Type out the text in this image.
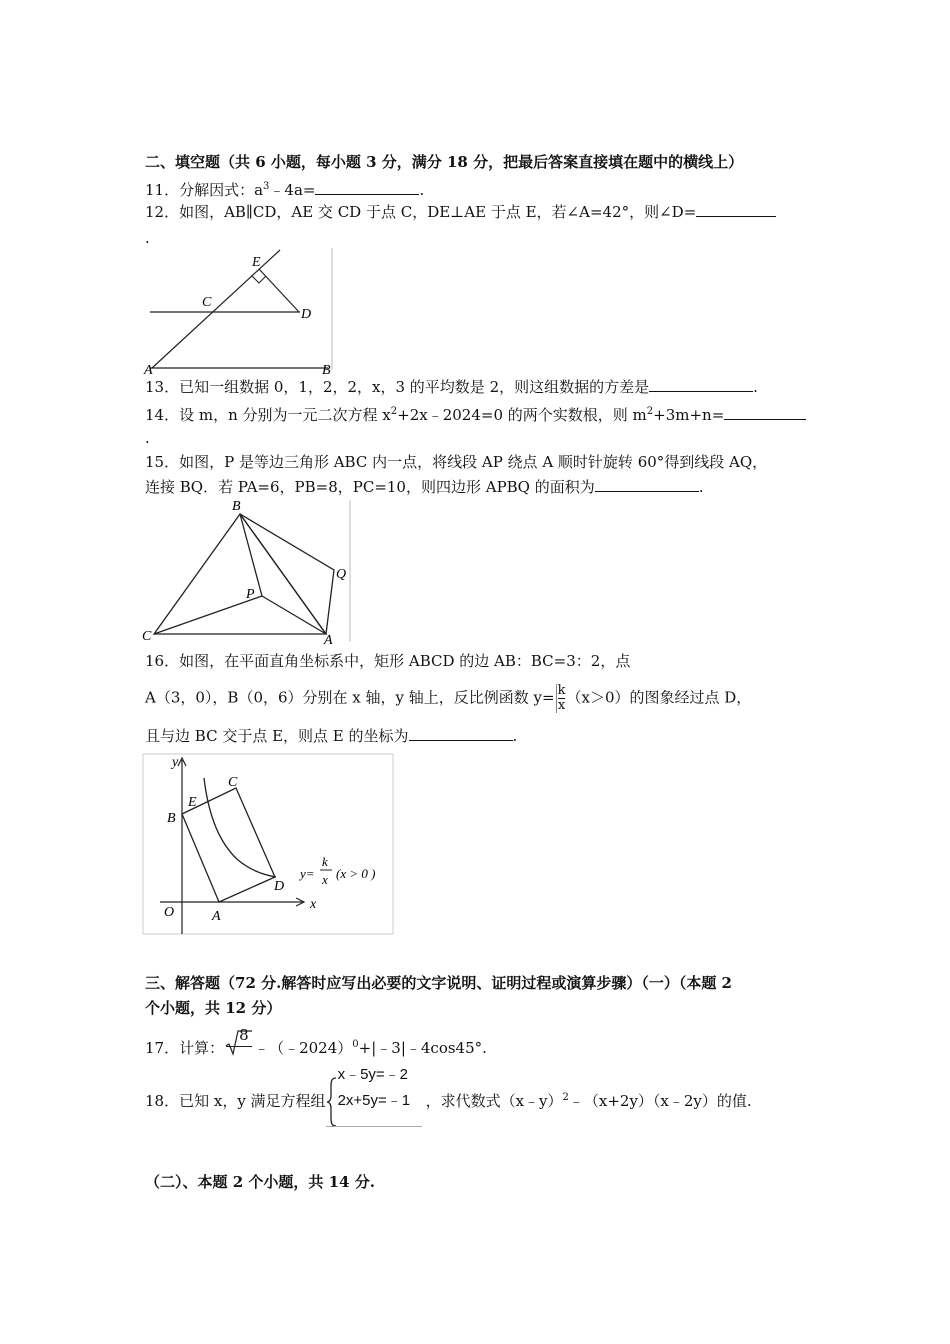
二、填空题（共 6 小题，每小题 3 分，满分 18 分，把最后答案直接填在题中的横线上）
11．分解因式：$a^3﹣4a=$	.
12．如图，AB∥CD，AE 交 CD 于点 C，DE⊥AE 于点 E，若∠A=42°，则∠D=
.
E
C
D
A	B
13．已知一组数据 0，1，2，2，x，3 的平均数是 2，则这组数据的方差是	.
14．设 m，n 分别为一元二次方程 $x^2+2x﹣2024=0$ 的两个实数根，则 $m^2+3m+n=$
.
15．如图，P 是等边三角形 ABC 内一点，将线段 AP 绕点 A 顺时针旋转 60°得到线段 AQ，
连接 BQ．若 PA=6，PB=8，PC=10，则四边形 APBQ 的面积为	.
B
Q
P
C	A
16．如图，在平面直角坐标系中，矩形 ABCD 的边 AB：BC=3：2，点
A（3，0），B（0，6）分别在 x 轴，y 轴上，反比例函数 $y= \frac{k}{x} (x>0)$的图象经过点 D，
且与边 BC 交于点 E，则点 E 的坐标为	.
y
x
O	A
B
C
D
E
y=
k
x (x > 0 )
三、解答题（72 分.解答时应写出必要的文字说明、证明过程或演算步骤）（一）（本题 2
个小题，共 12 分）
17．计算：
8
﹣（﹣2024）$^0$+|﹣3|﹣4cos45°.
18．已知 x，y 满足方程组
x﹣5y=﹣2
2x+5y=﹣1 ，求代数式（x﹣y）$^2$﹣（x+2y）（x﹣2y）的值.
（二）、本题 2 个小题，共 14 分.
